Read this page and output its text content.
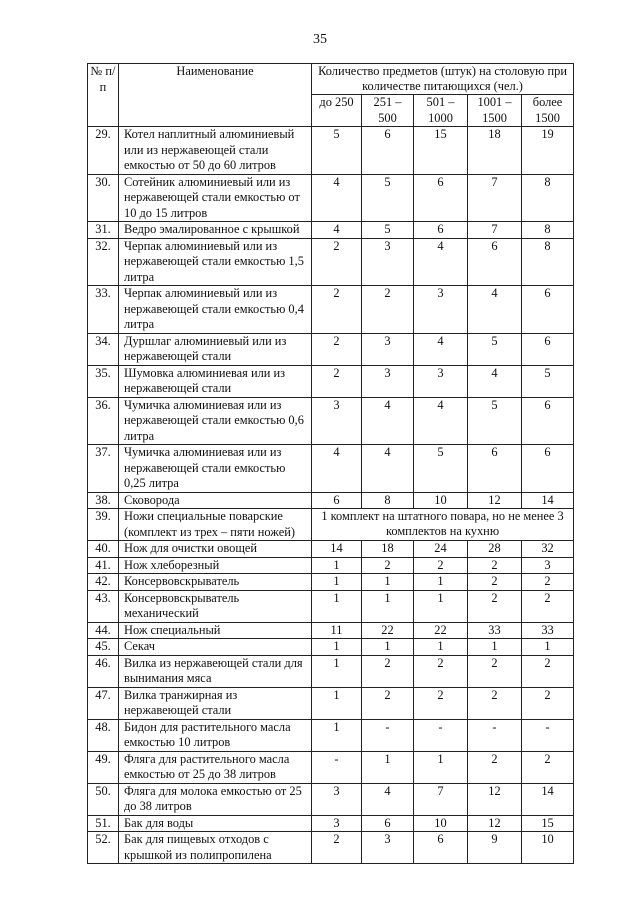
35
№ п/п	Наименование	Количество предметов (штук) на столовую при количестве питающихся (чел.)				
		до 250	251 – 500	501 – 1000	1001 – 1500	более 1500
29.	Котел наплитный алюминиевый или из нержавеющей стали емкостью от 50 до 60 литров	5	6	15	18	19
30.	Сотейник алюминиевый или из нержавеющей стали емкостью от 10 до 15 литров	4	5	6	7	8
31.	Ведро эмалированное с крышкой	4	5	6	7	8
32.	Черпак алюминиевый или из нержавеющей стали емкостью 1,5 литра	2	3	4	6	8
33.	Черпак алюминиевый или из нержавеющей стали емкостью 0,4 литра	2	2	3	4	6
34.	Дуршлаг алюминиевый или из нержавеющей стали	2	3	4	5	6
35.	Шумовка алюминиевая или из нержавеющей стали	2	3	3	4	5
36.	Чумичка алюминиевая или из нержавеющей стали емкостью 0,6 литра	3	4	4	5	6
37.	Чумичка алюминиевая или из нержавеющей стали емкостью 0,25 литра	4	4	5	6	6
38.	Сковорода	6	8	10	12	14
39.	Ножи специальные поварские (комплект из трех – пяти ножей)	1 комплект на штатного повара, но не менее 3 комплектов на кухню				
40.	Нож для очистки овощей	14	18	24	28	32
41.	Нож хлеборезный	1	2	2	2	3
42.	Консервовскрыватель	1	1	1	2	2
43.	Консервовскрыватель механический	1	1	1	2	2
44.	Нож специальный	11	22	22	33	33
45.	Секач	1	1	1	1	1
46.	Вилка из нержавеющей стали для вынимания мяса	1	2	2	2	2
47.	Вилка транжирная из нержавеющей стали	1	2	2	2	2
48.	Бидон для растительного масла емкостью 10 литров	1	-	-	-	-
49.	Фляга для растительного масла емкостью от 25 до 38 литров	-	1	1	2	2
50.	Фляга для молока емкостью от 25 до 38 литров	3	4	7	12	14
51.	Бак для воды	3	6	10	12	15
52.	Бак для пищевых отходов с крышкой из полипропилена	2	3	6	9	10
